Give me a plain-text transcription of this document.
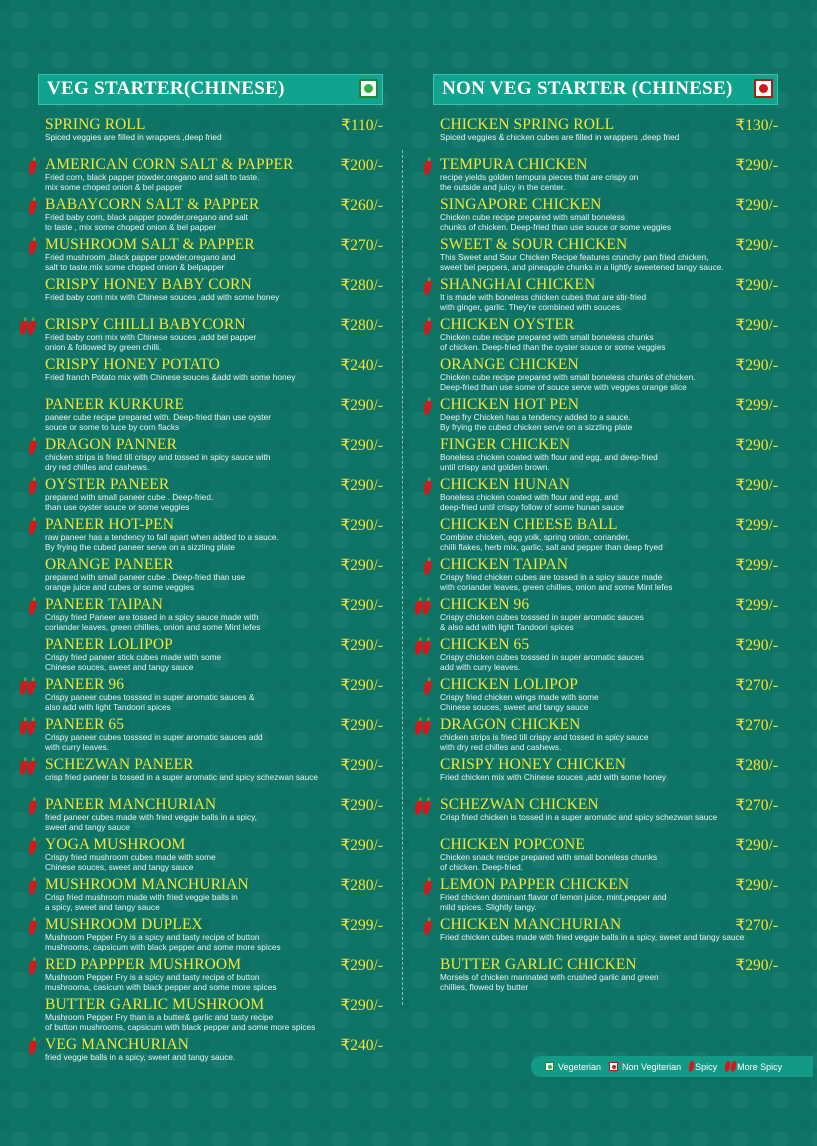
VEG STARTER(CHINESE)
SPRING ROLL	₹110/-
Spiced veggies are filled in wrappers ,deep fried
AMERICAN CORN SALT & PAPPER	₹200/-
Fried corn, black papper powder,oregano and salt to taste.
mix some choped onion & bel papper
BABAYCORN SALT & PAPPER	₹260/-
Fried baby corn, black papper powder,oregano and salt
to taste , mix some choped onion & bel papper
MUSHROOM SALT & PAPPER	₹270/-
Fried mushroom ,black papper powder,oregano and
salt to taste.mix some choped onion & belpapper
CRISPY HONEY BABY CORN	₹280/-
Fried baby corn mix with Chinese souces ,add with some honey
CRISPY CHILLI BABYCORN	₹280/-
Fried baby corn mix with Chinese souces ,add bel papper
onion & followed by green chilli.
CRISPY HONEY POTATO	₹240/-
Fried franch Potato mix with Chinese souces &add with some honey
PANEER KURKURE	₹290/-
paneer cube recipe prepared with. Deep-fried than use oyster
souce or some to luce by corn flacks
DRAGON PANNER	₹290/-
chicken strips is fried till crispy and tossed in spicy sauce with
dry red chilles and cashews.
OYSTER PANEER	₹290/-
prepared with small paneer cube . Deep-fried.
than use oyster souce or some veggies
PANEER HOT-PEN	₹290/-
raw paneer has a tendency to fall apart when added to a sauce.
By frying the cubed paneer serve on a sizzling plate
ORANGE PANEER	₹290/-
prepared with small paneer cube . Deep-fried than use
orange juice and cubes or some veggies
PANEER TAIPAN	₹290/-
Crispy fried Paneer are tossed in a spicy sauce made with
coriander leaves, green chillies, onion and some Mint lefes
PANEER LOLIPOP	₹290/-
Crispy fried paneer stick cubes made with some
Chinese souces, sweet and tangy sauce
PANEER 96	₹290/-
Crispy paneer cubes tosssed in super aromatic sauces &
also add with light Tandoori spices
PANEER 65	₹290/-
Crispy paneer cubes tosssed in super aromatic sauces add
with curry leaves.
SCHEZWAN PANEER	₹290/-
crisp fried paneer is tossed in a super aromatic and spicy schezwan sauce
PANEER MANCHURIAN	₹290/-
fried paneer cubes made with fried veggie balls in a spicy,
sweet and tangy sauce
YOGA MUSHROOM	₹290/-
Crispy fried mushroom cubes made with some
Chinese souces, sweet and tangy sauce
MUSHROOM MANCHURIAN	₹280/-
Crisp fried mushroom made with fried veggie balls in
a spicy, sweet and tangy sauce
MUSHROOM DUPLEX	₹299/-
Mushroom Pepper Fry is a spicy and tasty recipe of button
mushrooms, capsicum with black pepper and some more spices
RED PAPPPER MUSHROOM	₹290/-
Mushroom Pepper Fry is a spicy and tasty recipe of button
mushrooma, casicum with black pepper and some more spices
BUTTER GARLIC MUSHROOM	₹290/-
Mushroom Pepper Fry than is a butter& garlic and tasty recipe
of button mushrooms, capsicum with black pepper and some more spices
VEG MANCHURIAN	₹240/-
fried veggie balls in a spicy, sweet and tangy sauce.
NON VEG STARTER (CHINESE)
CHICKEN SPRING ROLL	₹130/-
Spiced veggies & chicken cubes are filled in wrappers ,deep fried
TEMPURA CHICKEN	₹290/-
recipe yields golden tempura pieces that are crispy on
the outside and juicy in the center.
SINGAPORE CHICKEN	₹290/-
Chicken cube recipe prepared with small boneless
chunks of chicken. Deep-fried than use souce or some veggies
SWEET & SOUR CHICKEN	₹290/-
This Sweet and Sour Chicken Recipe features crunchy pan fried chicken,
sweet bel peppers, and pineapple chunks in a lightly sweetened tangy sauce.
SHANGHAI CHICKEN	₹290/-
It is made with boneless chicken cubes that are stir-fried
with ginger, garlic. They're combined with souces.
CHICKEN OYSTER	₹290/-
Chicken cube recipe prepared with small boneless chunks
of chicken. Deep-fried than the oyster souce or some veggies
ORANGE CHICKEN	₹290/-
Chicken cube recipe prepared with small boneless chunks of chicken.
Deep-fried than use some of souce serve with veggies orange slice
CHICKEN HOT PEN	₹299/-
Deep fry Chicken has a tendency added to a sauce.
By frying the cubed chicken serve on a sizzling plate
FINGER CHICKEN	₹290/-
Boneless chicken coated with flour and egg, and deep-fried
until crispy and golden brown.
CHICKEN HUNAN	₹290/-
Boneless chicken coated with flour and egg, and
deep-fried until crispy follow of some hunan sauce
CHICKEN CHEESE BALL	₹299/-
Combine chicken, egg yolk, spring onion, coriander,
chilli flakes, herb mix, garlic, salt and pepper than deep fryed
CHICKEN TAIPAN	₹299/-
Crispy fried chicken cubes are tossed in a spicy sauce made
with coriander leaves, green chillies, onion and some Mint lefes
CHICKEN 96	₹299/-
Crispy chicken cubes tosssed in super aromatic sauces
& also add with light Tandoori spices
CHICKEN 65	₹290/-
Crispy chicken cubes tosssed in super aromatic sauces
add with curry leaves.
CHICKEN LOLIPOP	₹270/-
Crispy fried chicken wings made with some
Chinese souces, sweet and tangy sauce
DRAGON CHICKEN	₹270/-
chicken strips is fried till crispy and tossed in spicy sauce
with dry red chilles and cashews.
CRISPY HONEY CHICKEN	₹280/-
Fried chicken mix with Chinese souces ,add with some honey
SCHEZWAN CHICKEN	₹270/-
Crisp fried chicken is tossed in a super aromatic and spicy schezwan sauce
CHICKEN POPCONE	₹290/-
Chicken snack recipe prepared with small boneless chunks
of chicken. Deep-fried.
LEMON PAPPER CHICKEN	₹290/-
Fried chicken dominant flavor of lemon juice, mint,pepper and
mild spices. Slightly tangy.
CHICKEN MANCHURIAN	₹270/-
Fried chicken cubes made with fried veggie balls in a spicy, sweet and tangy sauce
BUTTER GARLIC CHICKEN	₹290/-
Morsels of chicken marinated with crushed garlic and green
chillies, flowed by butter
Vegeterian Non Vegiterian Spicy More Spicy
